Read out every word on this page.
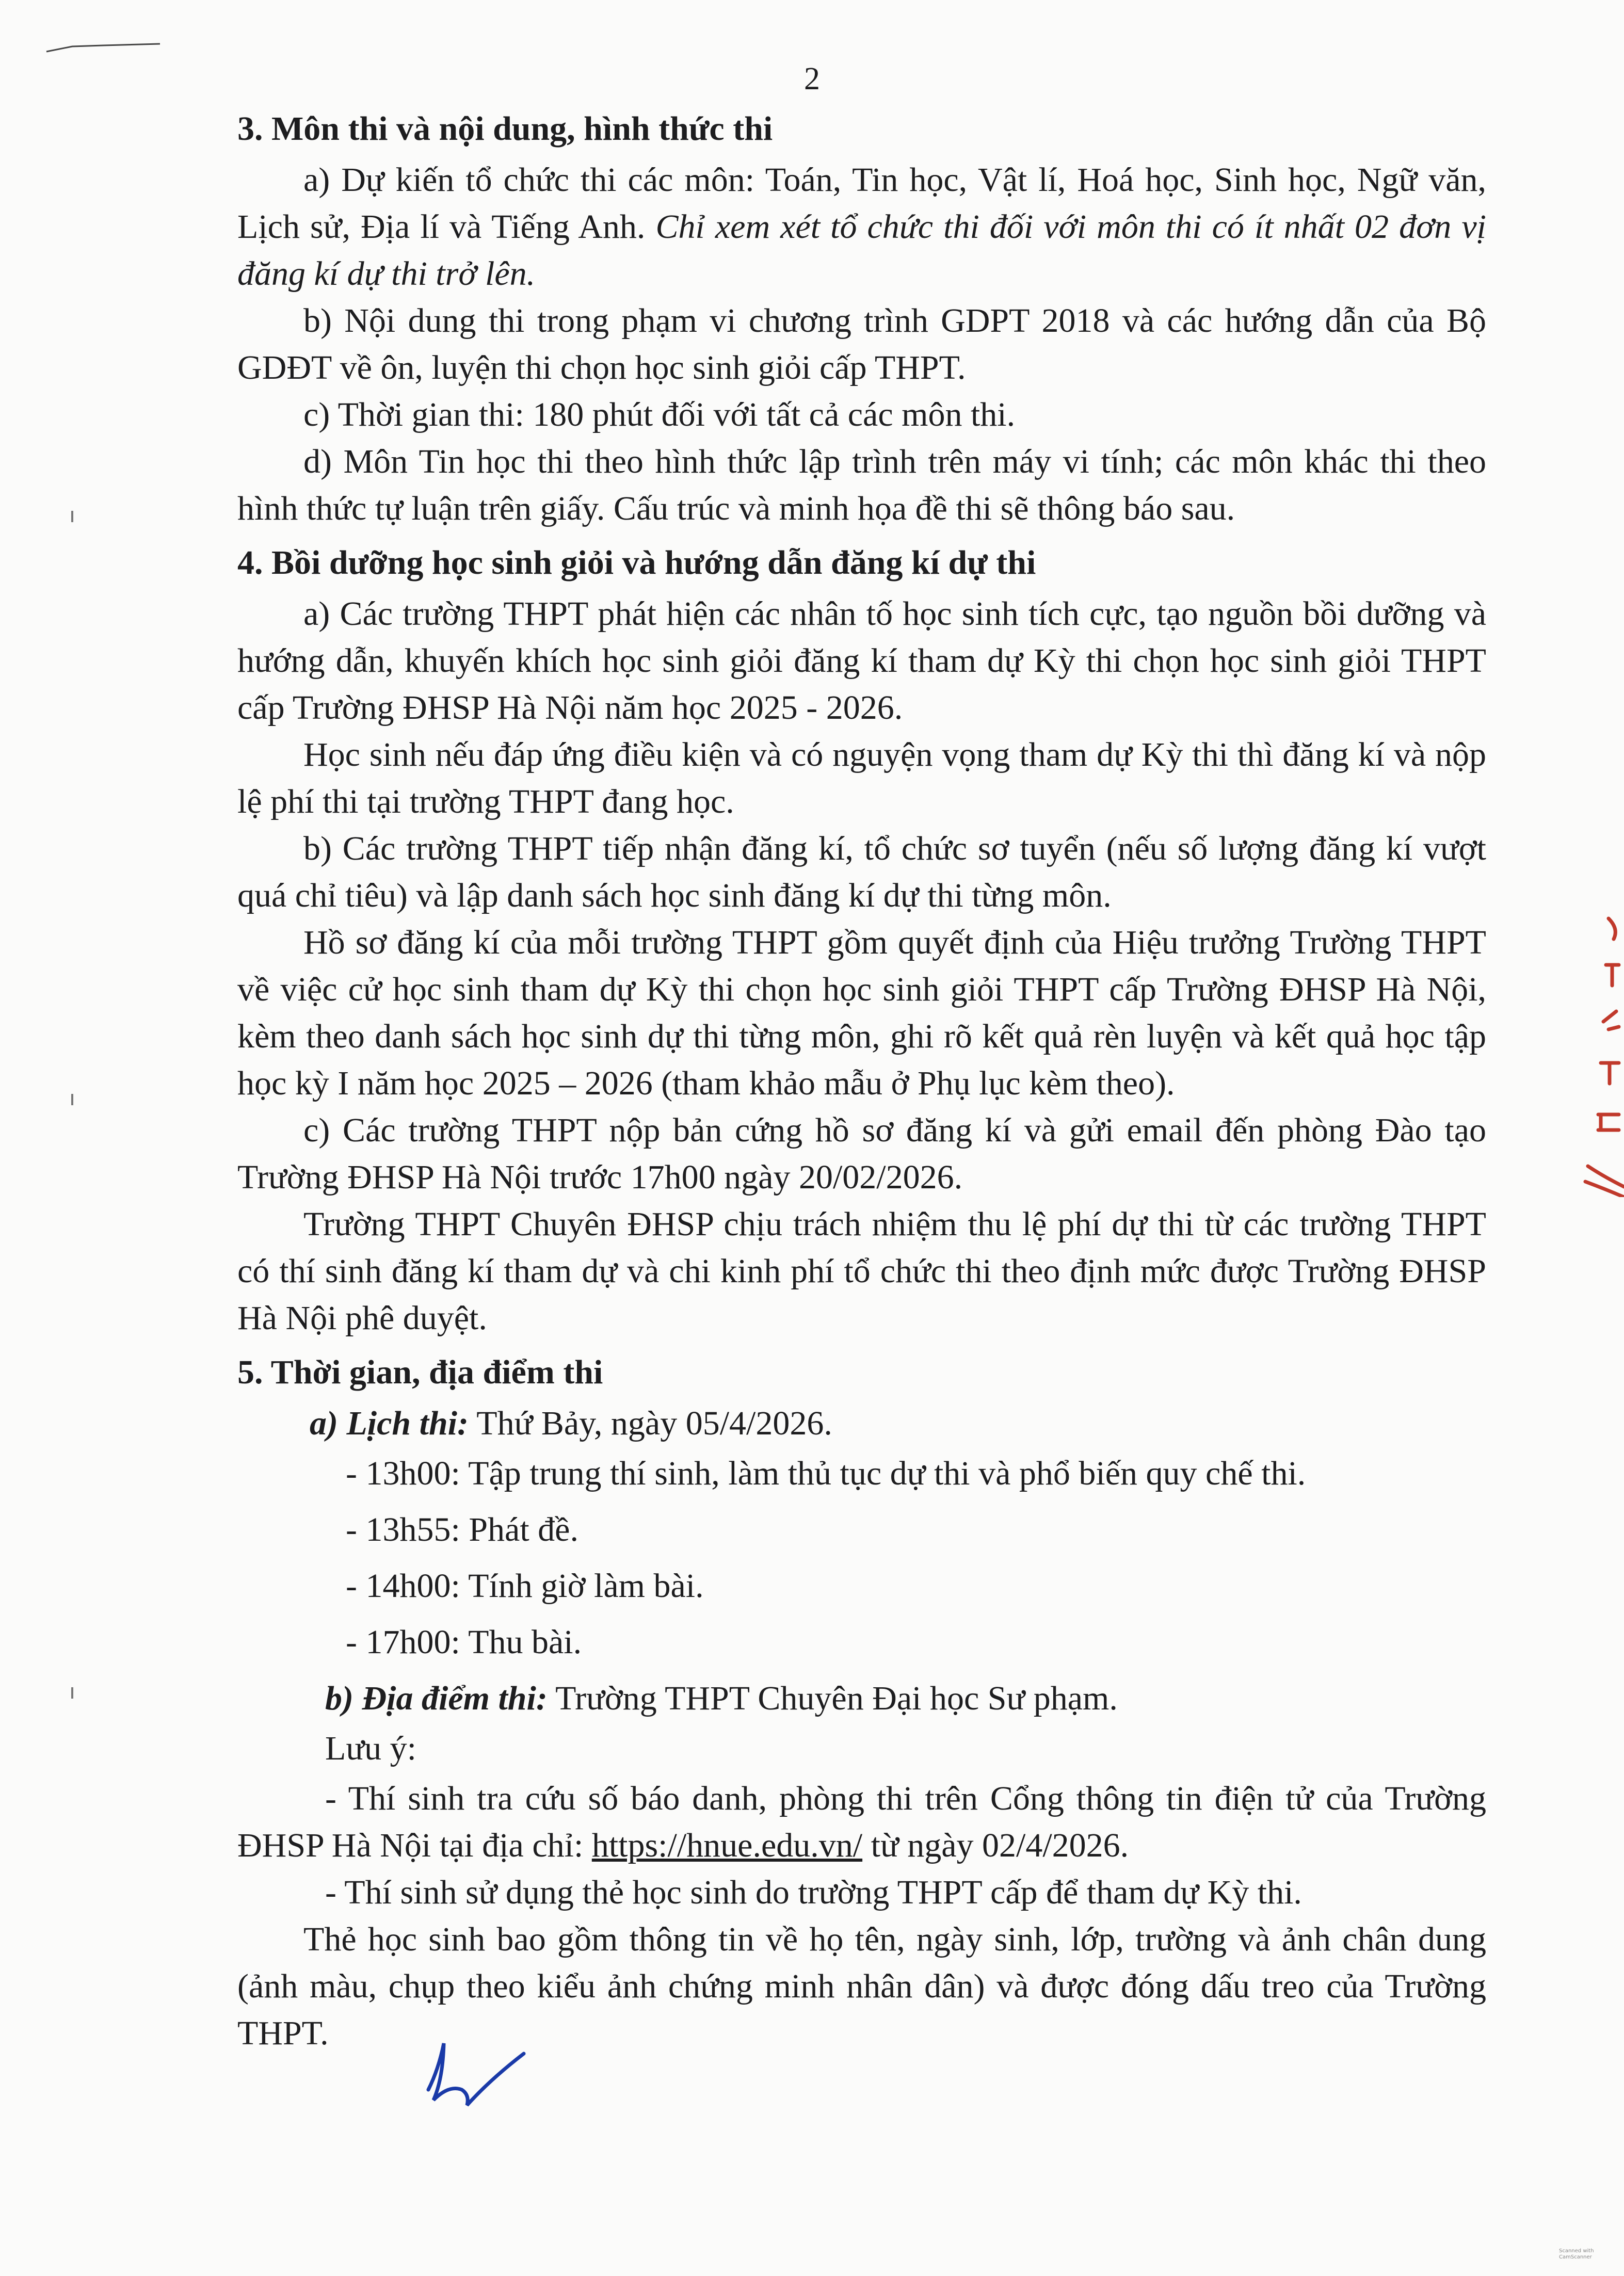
2
3. Môn thi và nội dung, hình thức thi

a) Dự kiến tổ chức thi các môn: Toán, Tin học, Vật lí, Hoá học, Sinh học, Ngữ văn, Lịch sử, Địa lí và Tiếng Anh. Chỉ xem xét tổ chức thi đối với môn thi có ít nhất 02 đơn vị đăng kí dự thi trở lên.

b) Nội dung thi trong phạm vi chương trình GDPT 2018 và các hướng dẫn của Bộ GDĐT về ôn, luyện thi chọn học sinh giỏi cấp THPT.

c) Thời gian thi: 180 phút đối với tất cả các môn thi.

d) Môn Tin học thi theo hình thức lập trình trên máy vi tính; các môn khác thi theo hình thức tự luận trên giấy. Cấu trúc và minh họa đề thi sẽ thông báo sau.

4. Bồi dưỡng học sinh giỏi và hướng dẫn đăng kí dự thi

a) Các trường THPT phát hiện các nhân tố học sinh tích cực, tạo nguồn bồi dưỡng và hướng dẫn, khuyến khích học sinh giỏi đăng kí tham dự Kỳ thi chọn học sinh giỏi THPT cấp Trường ĐHSP Hà Nội năm học 2025 - 2026.

Học sinh nếu đáp ứng điều kiện và có nguyện vọng tham dự Kỳ thi thì đăng kí và nộp lệ phí thi tại trường THPT đang học.

b) Các trường THPT tiếp nhận đăng kí, tổ chức sơ tuyển (nếu số lượng đăng kí vượt quá chỉ tiêu) và lập danh sách học sinh đăng kí dự thi từng môn.

Hồ sơ đăng kí của mỗi trường THPT gồm quyết định của Hiệu trưởng Trường THPT về việc cử học sinh tham dự Kỳ thi chọn học sinh giỏi THPT cấp Trường ĐHSP Hà Nội, kèm theo danh sách học sinh dự thi từng môn, ghi rõ kết quả rèn luyện và kết quả học tập học kỳ I năm học 2025 – 2026 (tham khảo mẫu ở Phụ lục kèm theo).

c) Các trường THPT nộp bản cứng hồ sơ đăng kí và gửi email đến phòng Đào tạo Trường ĐHSP Hà Nội trước 17h00 ngày 20/02/2026.

Trường THPT Chuyên ĐHSP chịu trách nhiệm thu lệ phí dự thi từ các trường THPT có thí sinh đăng kí tham dự và chi kinh phí tổ chức thi theo định mức được Trường ĐHSP Hà Nội phê duyệt.

5. Thời gian, địa điểm thi
a) Lịch thi: Thứ Bảy, ngày 05/4/2026.
- 13h00: Tập trung thí sinh, làm thủ tục dự thi và phổ biến quy chế thi.
- 13h55: Phát đề.
- 14h00: Tính giờ làm bài.
- 17h00: Thu bài.
b) Địa điểm thi: Trường THPT Chuyên Đại học Sư phạm.
Lưu ý:

- Thí sinh tra cứu số báo danh, phòng thi trên Cổng thông tin điện tử của Trường ĐHSP Hà Nội tại địa chỉ: https://hnue.edu.vn/ từ ngày 02/4/2026.

- Thí sinh sử dụng thẻ học sinh do trường THPT cấp để tham dự Kỳ thi.

Thẻ học sinh bao gồm thông tin về họ tên, ngày sinh, lớp, trường và ảnh chân dung (ảnh màu, chụp theo kiểu ảnh chứng minh nhân dân) và được đóng dấu treo của Trường THPT.

Scanned with CamScanner
